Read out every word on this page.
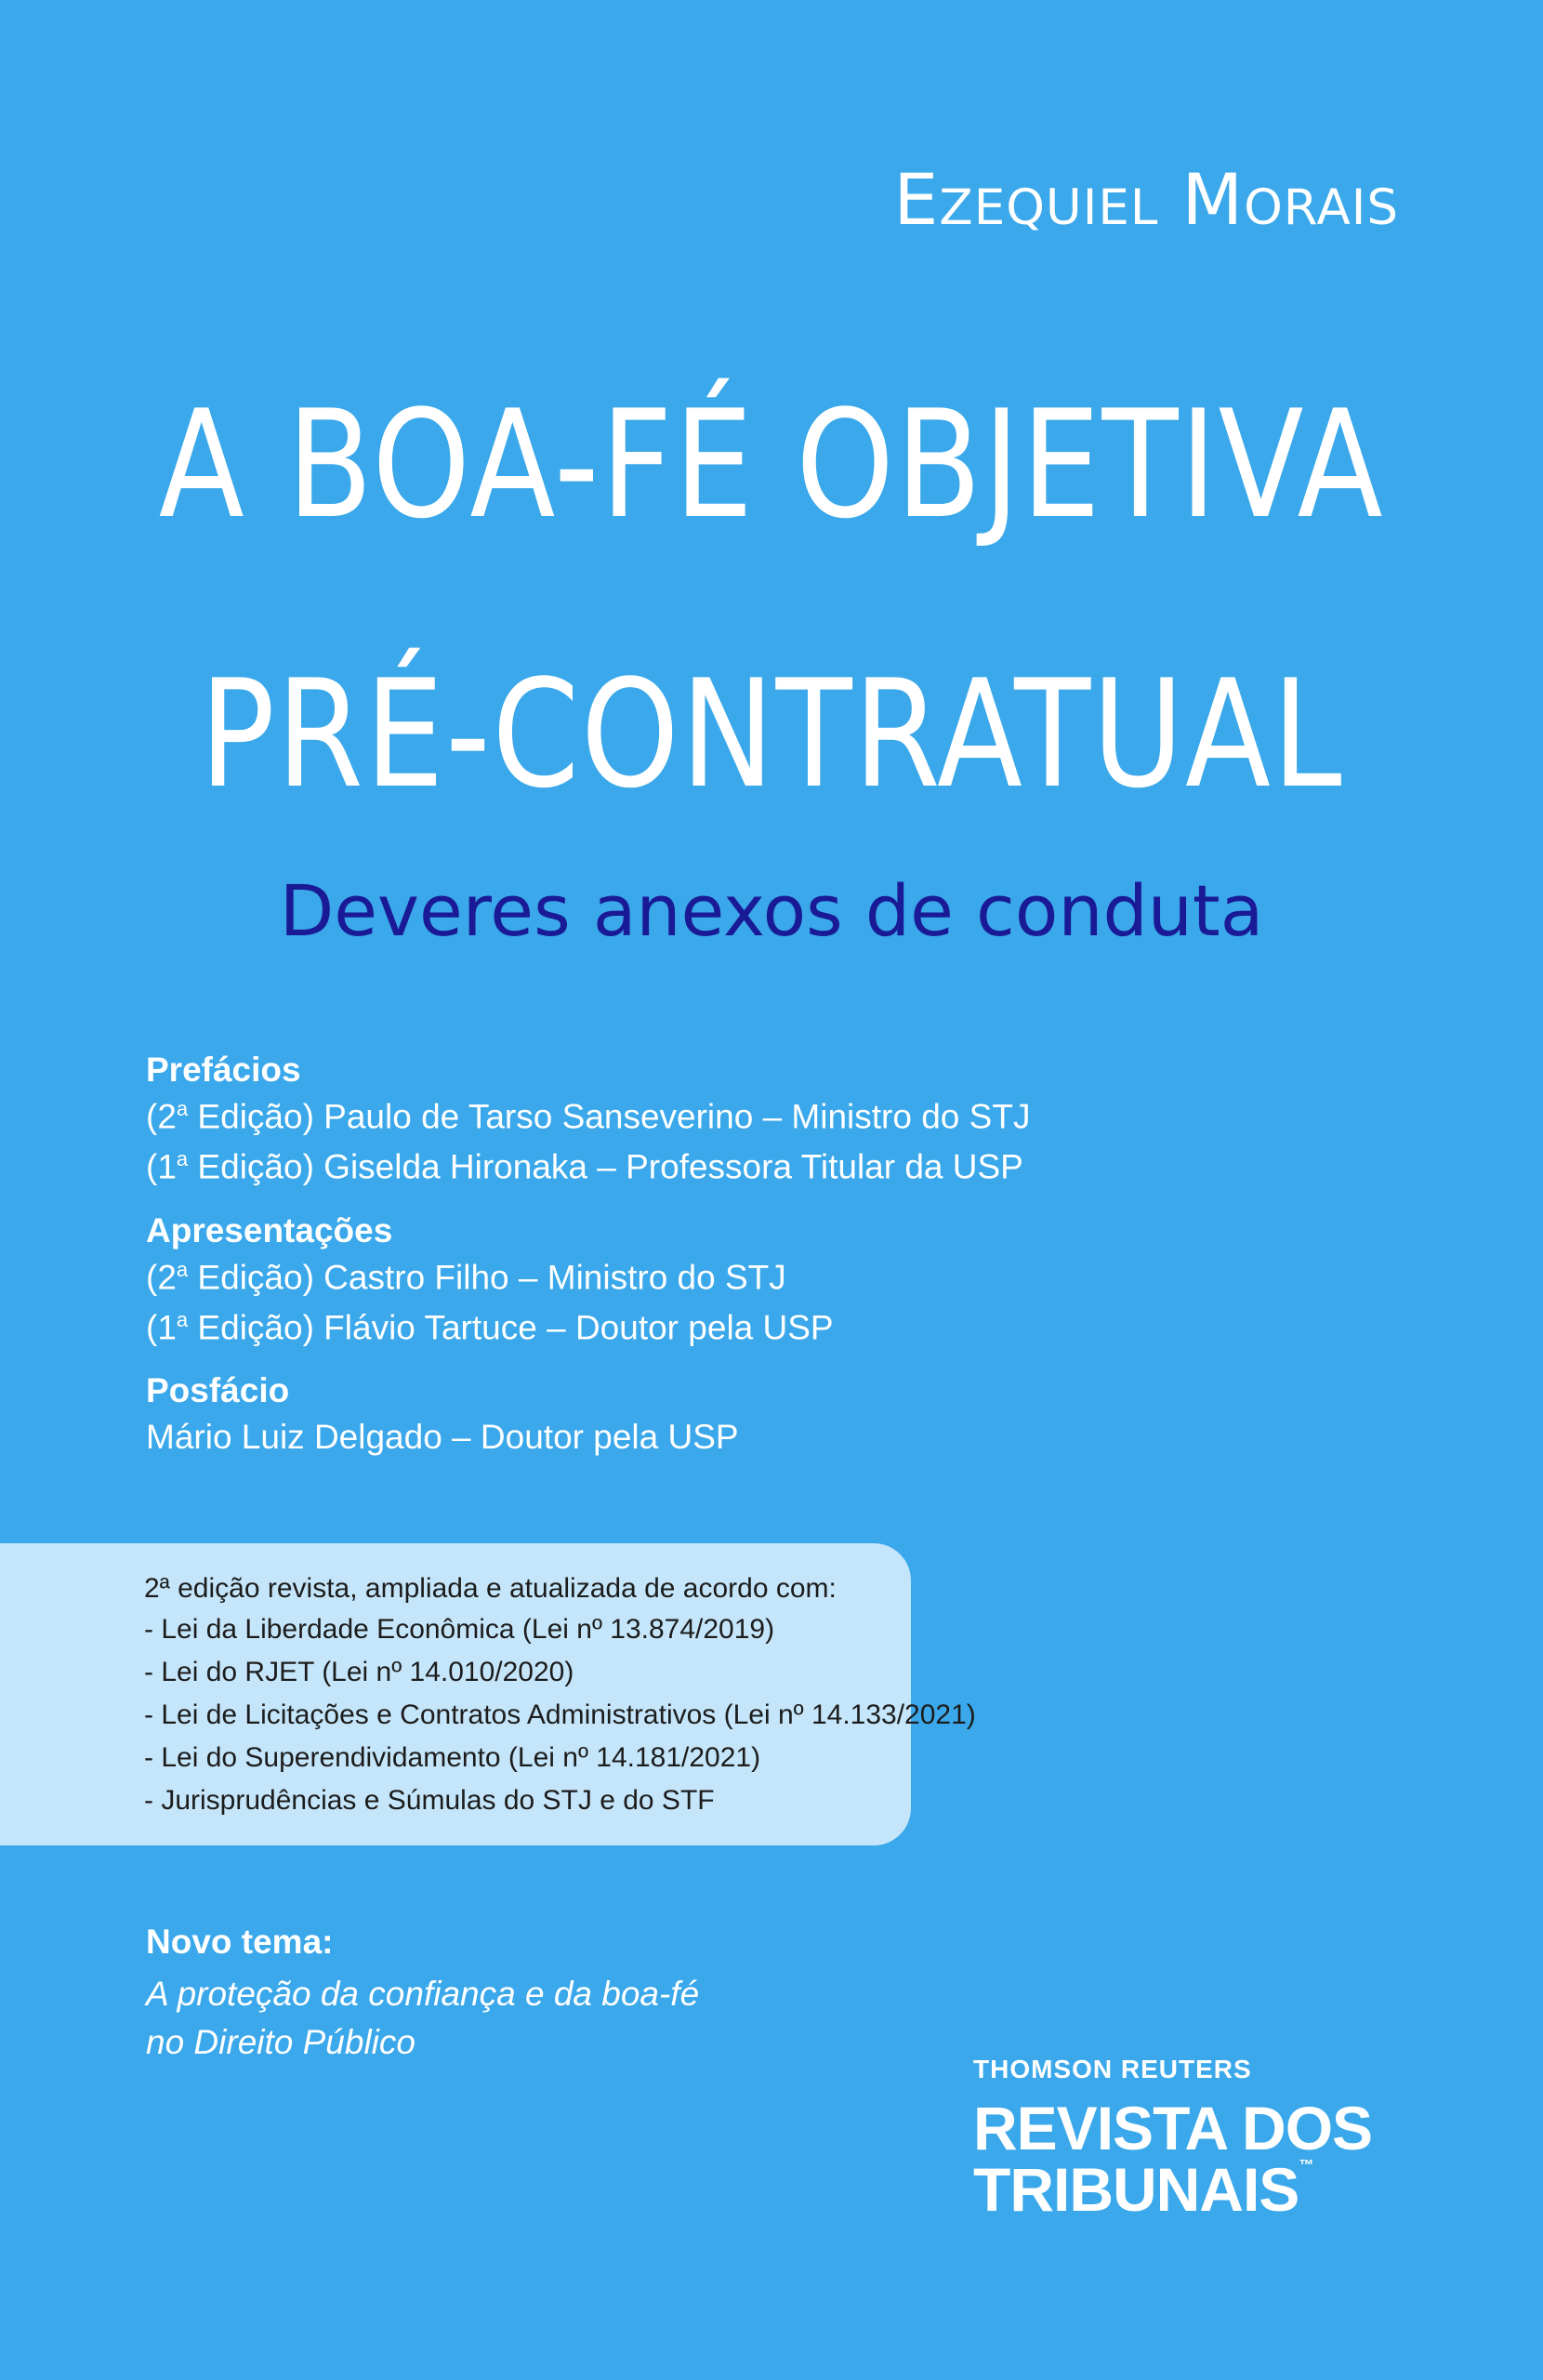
Ezequiel Morais
A BOA-FÉ OBJETIVA
PRÉ-CONTRATUAL
Deveres anexos de conduta
Prefácios
(2$^a$ Edição) Paulo de Tarso Sanseverino – Ministro do STJ
(1$^a$ Edição) Giselda Hironaka – Professora Titular da USP
Apresentações
(2$^a$ Edição) Castro Filho – Ministro do STJ
(1$^a$ Edição) Flávio Tartuce – Doutor pela USP
Posfácio
Mário Luiz Delgado – Doutor pela USP
2ª edição revista, ampliada e atualizada de acordo com:
- Lei da Liberdade Econômica (Lei nº 13.874/2019)
- Lei do RJET (Lei nº 14.010/2020)
- Lei de Licitações e Contratos Administrativos (Lei nº 14.133/2021)
- Lei do Superendividamento (Lei nº 14.181/2021)
- Jurisprudências e Súmulas do STJ e do STF
Novo tema:
A proteção da confiança e da boa-fé
no Direito Público
THOMSON REUTERS
REVISTA DOS
TRIBUNAIS™
